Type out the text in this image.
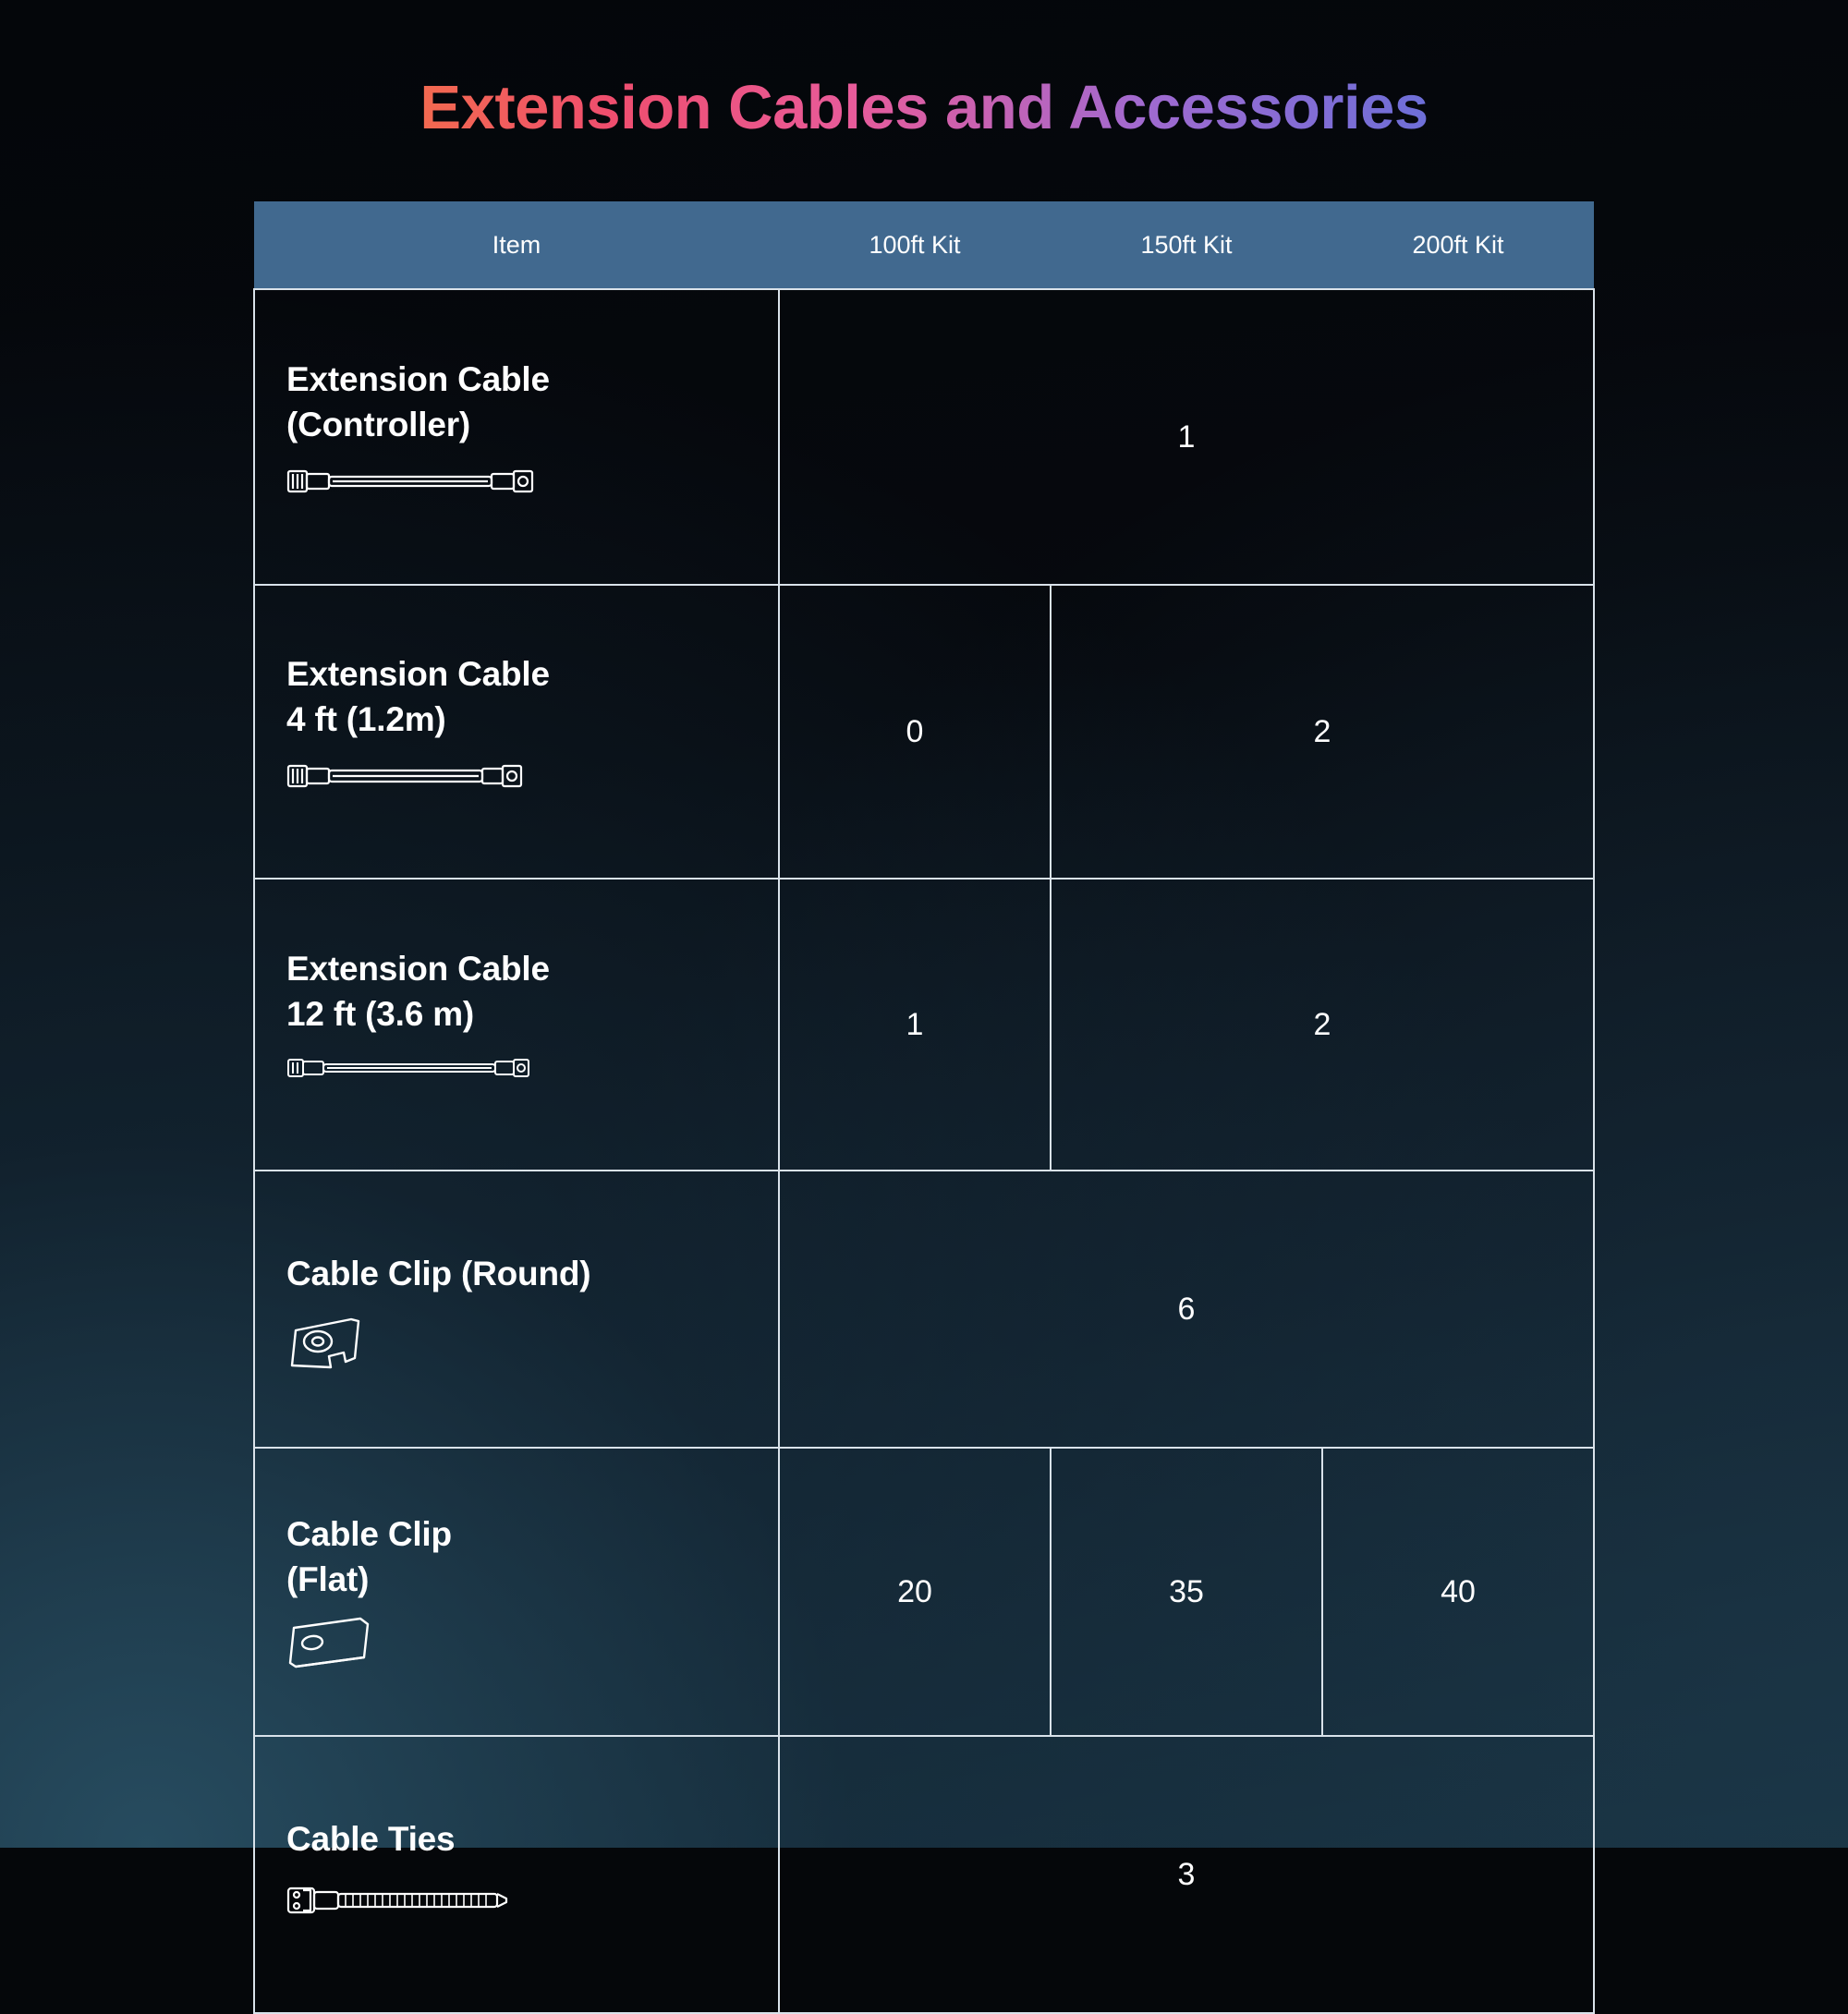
Extension Cables and Accessories
Item	100ft Kit	150ft Kit	200ft Kit

Extension Cable
(Controller)	1		

Extension Cable
4 ft (1.2m)	0	2	

Extension Cable
12 ft (3.6 m)	1	2	

Cable Clip (Round)	6		

Cable Clip
(Flat)	20	35	40

Cable Ties	3		
